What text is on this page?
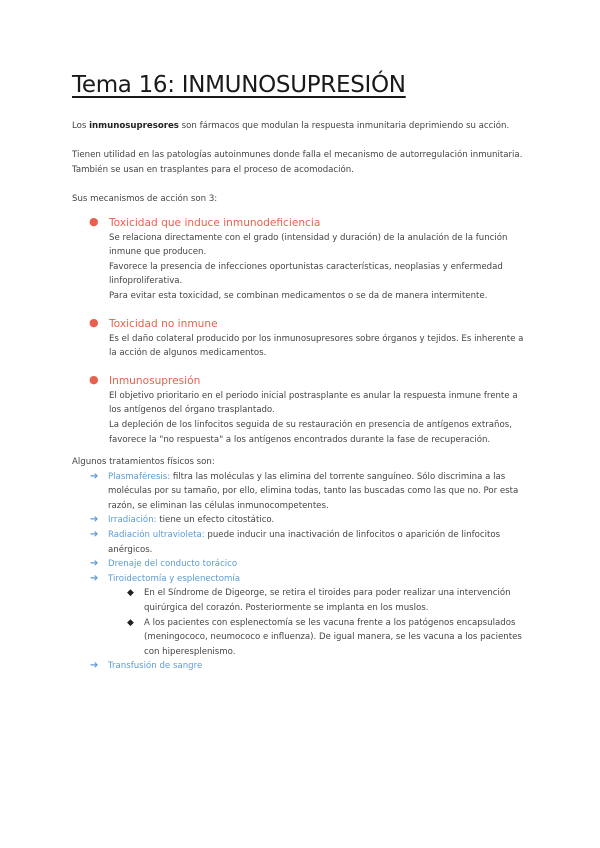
Tema 16: INMUNOSUPRESIÓN

Los inmunosupresores son fármacos que modulan la respuesta inmunitaria deprimiendo su acción.

Tienen utilidad en las patologías autoinmunes donde falla el mecanismo de autorregulación inmunitaria. También se usan en trasplantes para el proceso de acomodación.

Sus mecanismos de acción son 3:

● Toxicidad que induce inmunodeficiencia
Se relaciona directamente con el grado (intensidad y duración) de la anulación de la función inmune que producen.
Favorece la presencia de infecciones oportunistas características, neoplasias y enfermedad linfoproliferativa.
Para evitar esta toxicidad, se combinan medicamentos o se da de manera intermitente.
● Toxicidad no inmune
Es el daño colateral producido por los inmunosupresores sobre órganos y tejidos. Es inherente a la acción de algunos medicamentos.
● Inmunosupresión
El objetivo prioritario en el periodo inicial postrasplante es anular la respuesta inmune frente a los antígenos del órgano trasplantado.
La depleción de los linfocitos seguida de su restauración en presencia de antígenos extraños, favorece la "no respuesta" a los antígenos encontrados durante la fase de recuperación.

Algunos tratamientos físicos son:

➔ Plasmaféresis: filtra las moléculas y las elimina del torrente sanguíneo. Sólo discrimina a las moléculas por su tamaño, por ello, elimina todas, tanto las buscadas como las que no. Por esta razón, se eliminan las células inmunocompetentes.
➔ Irradiación: tiene un efecto citostático.
➔ Radiación ultravioleta: puede inducir una inactivación de linfocitos o aparición de linfocitos anérgicos.
➔ Drenaje del conducto torácico
➔ Tiroidectomía y esplenectomía
◆ En el Síndrome de Digeorge, se retira el tiroides para poder realizar una intervención quirúrgica del corazón. Posteriormente se implanta en los muslos.
◆ A los pacientes con esplenectomía se les vacuna frente a los patógenos encapsulados (meningococo, neumococo e influenza). De igual manera, se les vacuna a los pacientes con hiperesplenismo.
➔ Transfusión de sangre
